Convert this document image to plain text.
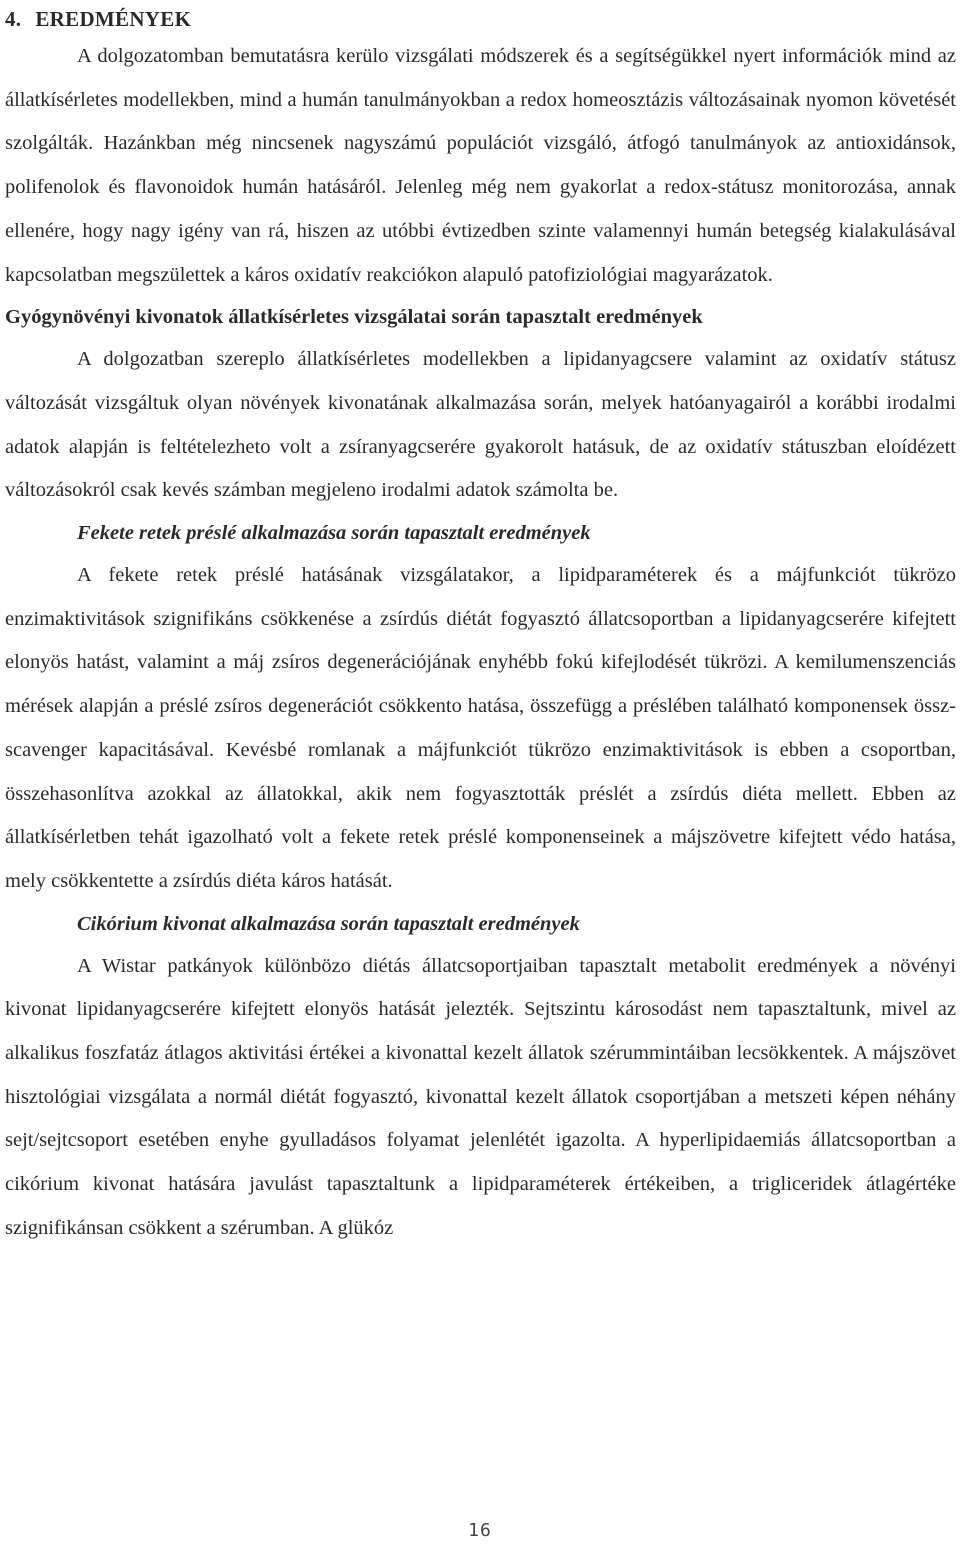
4. EREDMÉNYEK

A dolgozatomban bemutatásra kerülo vizsgálati módszerek és a segítségükkel nyert információk mind az állatkísérletes modellekben, mind a humán tanulmányokban a redox homeosztázis változásainak nyomon követését szolgálták. Hazánkban még nincsenek nagyszámú populációt vizsgáló, átfogó tanulmányok az antioxidánsok, polifenolok és flavonoidok humán hatásáról. Jelenleg még nem gyakorlat a redox-státusz monitorozása, annak ellenére, hogy nagy igény van rá, hiszen az utóbbi évtizedben szinte valamennyi humán betegség kialakulásával kapcsolatban megszülettek a káros oxidatív reakciókon alapuló patofiziológiai magyarázatok.

Gyógynövényi kivonatok állatkísérletes vizsgálatai során tapasztalt eredmények

A dolgozatban szereplo állatkísérletes modellekben a lipidanyagcsere valamint az oxidatív státusz változását vizsgáltuk olyan növények kivonatának alkalmazása során, melyek hatóanyagairól a korábbi irodalmi adatok alapján is feltételezheto volt a zsíranyagcserére gyakorolt hatásuk, de az oxidatív státuszban eloídézett változásokról csak kevés számban megjeleno irodalmi adatok számolta be.

Fekete retek préslé alkalmazása során tapasztalt eredmények

A fekete retek préslé hatásának vizsgálatakor, a lipidparaméterek és a májfunkciót tükrözo enzimaktivitások szignifikáns csökkenése a zsírdús diétát fogyasztó állatcsoportban a lipidanyagcserére kifejtett elonyös hatást, valamint a máj zsíros degenerációjának enyhébb fokú kifejlodését tükrözi. A kemilumenszenciás mérések alapján a préslé zsíros degenerációt csökkento hatása, összefügg a préslében található komponensek össz-scavenger kapacitásával. Kevésbé romlanak a májfunkciót tükrözo enzimaktivitások is ebben a csoportban, összehasonlítva azokkal az állatokkal, akik nem fogyasztották préslét a zsírdús diéta mellett. Ebben az állatkísérletben tehát igazolható volt a fekete retek préslé komponenseinek a májszövetre kifejtett védo hatása, mely csökkentette a zsírdús diéta káros hatását.

Cikórium kivonat alkalmazása során tapasztalt eredmények

A Wistar patkányok különbözo diétás állatcsoportjaiban tapasztalt metabolit eredmények a növényi kivonat lipidanyagcserére kifejtett elonyös hatását jelezték. Sejtszintu károsodást nem tapasztaltunk, mivel az alkalikus foszfatáz átlagos aktivitási értékei a kivonattal kezelt állatok szérummintáiban lecsökkentek. A májszövet hisztológiai vizsgálata a normál diétát fogyasztó, kivonattal kezelt állatok csoportjában a metszeti képen néhány sejt/sejtcsoport esetében enyhe gyulladásos folyamat jelenlétét igazolta. A hyperlipidaemiás állatcsoportban a cikórium kivonat hatására javulást tapasztaltunk a lipidparaméterek értékeiben, a trigliceridek átlagértéke szignifikánsan csökkent a szérumban. A glükóz

16
